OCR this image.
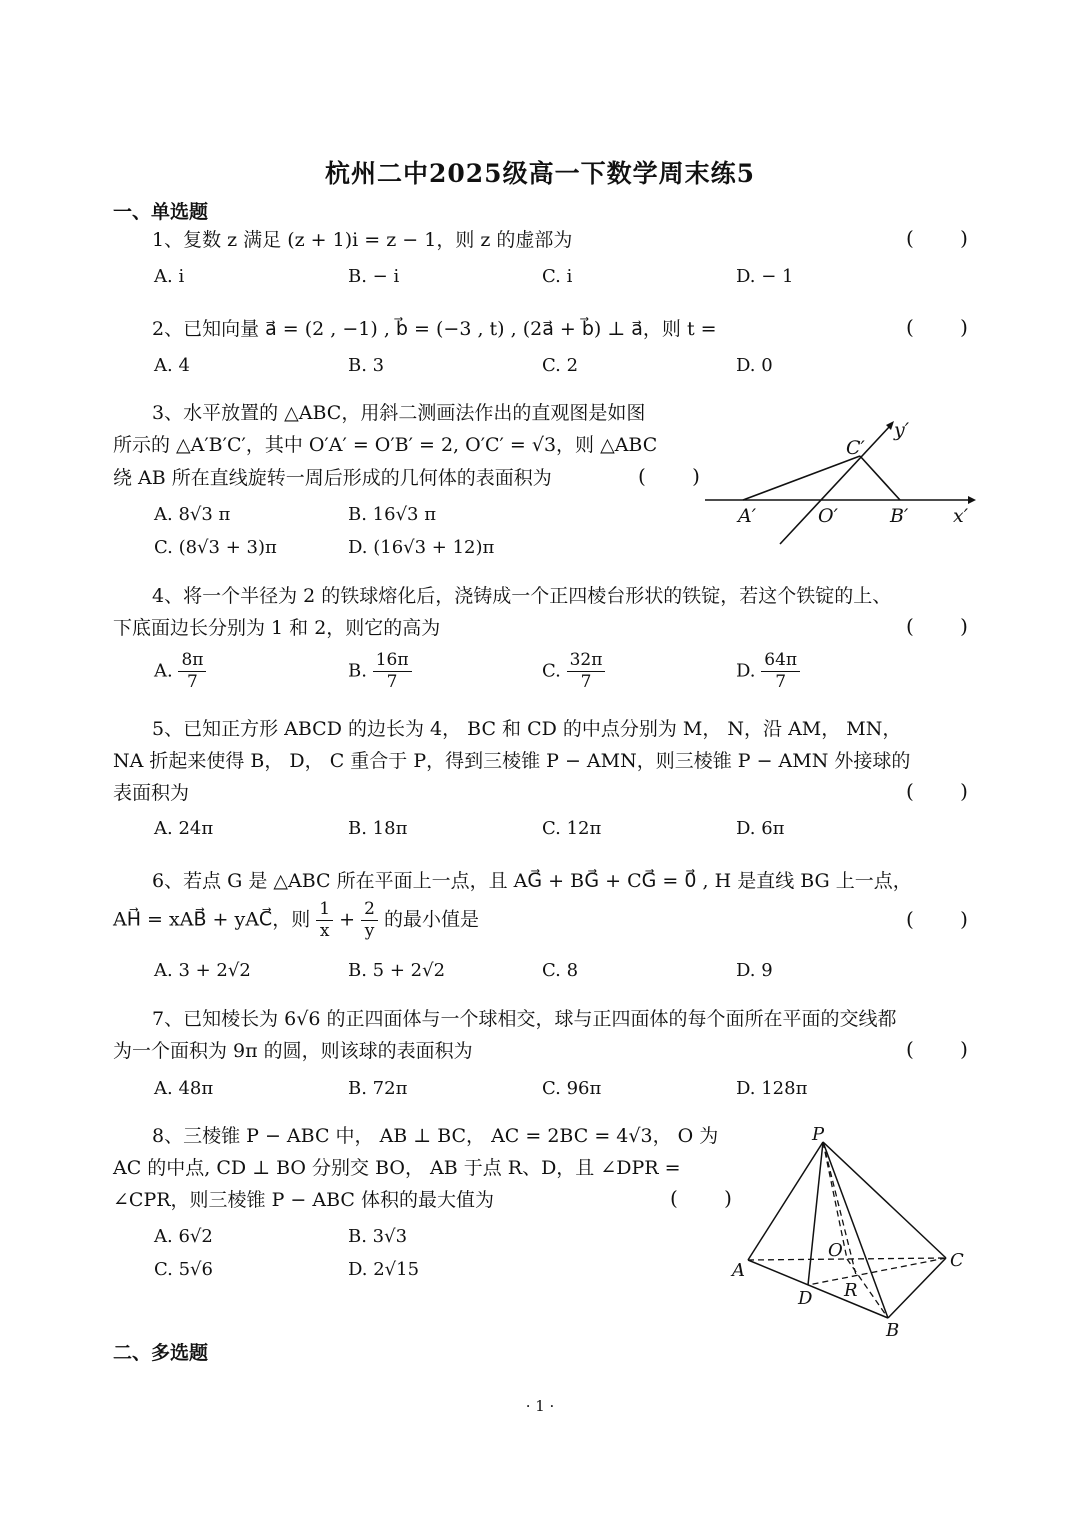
杭州二中2025级高一下数学周末练5
一、单选题
1、复数 z 满足 (z + 1)i = z − 1，则 z 的虚部为	( )
A. i	B. − i	C. i	D. − 1
2、已知向量 a⃗ = (2 , −1) , b⃗ = (−3 , t) , (2a⃗ + b⃗) ⊥ a⃗，则 t =	( )
A. 4	B. 3	C. 2	D. 0
3、水平放置的 △ABC，用斜二测画法作出的直观图是如图
所示的 △A′B′C′，其中 O′A′ = O′B′ = 2, O′C′ = √3，则 △ABC
绕 AB 所在直线旋转一周后形成的几何体的表面积为	( )
A. 8√3 π	B. 16√3 π
C. (8√3 + 3)π	D. (16√3 + 12)π
C′
y′
A′	O′	B′ x′
4、将一个半径为 2 的铁球熔化后，浇铸成一个正四棱台形状的铁锭，若这个铁锭的上、
下底面边长分别为 1 和 2，则它的高为	( )
A. $\frac{8\pi}{7}$	B. $\frac{16\pi}{7}$	C. $\frac{32\pi}{7}$	D. $\frac{64\pi}{7}$
5、已知正方形 ABCD 的边长为 4， BC 和 CD 的中点分别为 M， N，沿 AM， MN，
NA 折起来使得 B， D， C 重合于 P，得到三棱锥 P − AMN，则三棱锥 P − AMN 外接球的
表面积为	( )
A. 24π	B. 18π	C. 12π	D. 6π
6、若点 G 是 △ABC 所在平面上一点，且 AG⃗ + BG⃗ + CG⃗ = 0⃗ , H 是直线 BG 上一点，
AH⃗ = xAB⃗ + yAC⃗，则 $\frac{1}{x} + \frac{2}{y}$ 的最小值是	( )
A. 3 + 2√2	B. 5 + 2√2	C. 8	D. 9
7、已知棱长为 6√6 的正四面体与一个球相交，球与正四面体的每个面所在平面的交线都
为一个面积为 9π 的圆，则该球的表面积为	( )
A. 48π	B. 72π	C. 96π	D. 128π
8、三棱锥 P − ABC 中， AB ⊥ BC， AC = 2BC = 4√3， O 为
AC 的中点, CD ⊥ BO 分别交 BO， AB 于点 R、D，且 ∠DPR =
∠CPR，则三棱锥 P − ABC 体积的最大值为	( )
A. 6√2	B. 3√3
C. 5√6	D. 2√15
P
O
A	C
D R
B
二、多选题
· 1 ·
